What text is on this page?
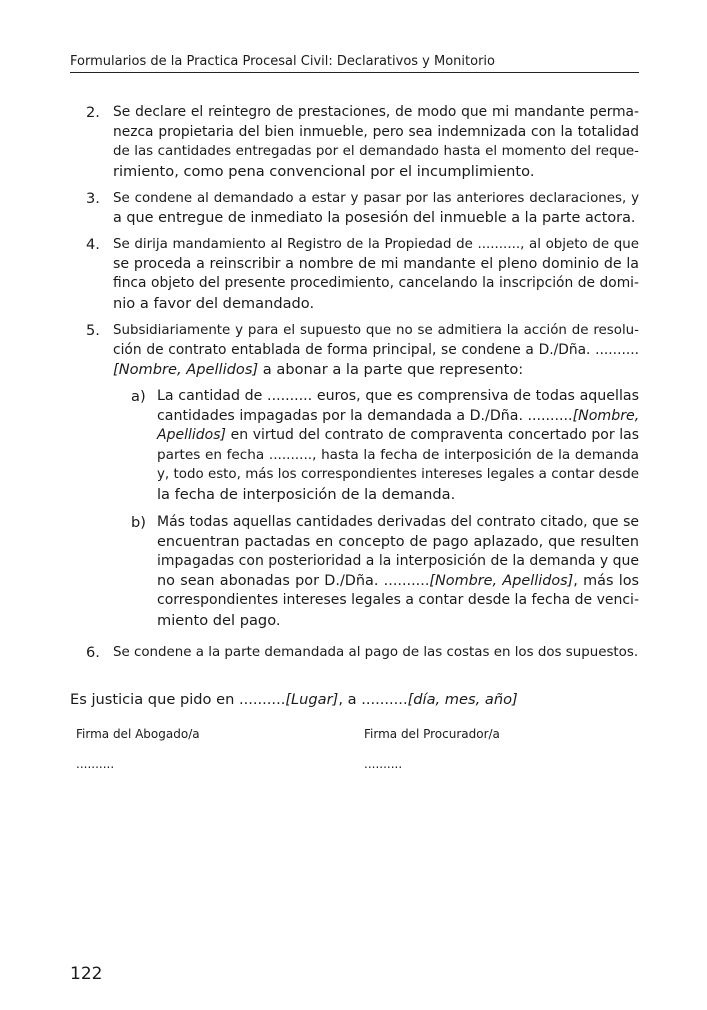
Formularios de la Practica Procesal Civil: Declarativos y Monitorio
2. Se declare el reintegro de prestaciones, de modo que mi mandante perma-
nezca propietaria del bien inmueble, pero sea indemnizada con la totalidad
de las cantidades entregadas por el demandado hasta el momento del reque-
rimiento, como pena convencional por el incumplimiento.
3. Se condene al demandado a estar y pasar por las anteriores declaraciones, y
a que entregue de inmediato la posesión del inmueble a la parte actora.
4. Se dirija mandamiento al Registro de la Propiedad de .........., al objeto de que
se proceda a reinscribir a nombre de mi mandante el pleno dominio de la
finca objeto del presente procedimiento, cancelando la inscripción de domi-
nio a favor del demandado.
5. Subsidiariamente y para el supuesto que no se admitiera la acción de resolu-
ción de contrato entablada de forma principal, se condene a D./Dña. ..........
[Nombre, Apellidos] a abonar a la parte que represento:
a) La cantidad de .......... euros, que es comprensiva de todas aquellas
cantidades impagadas por la demandada a D./Dña. ..........[Nombre,
Apellidos] en virtud del contrato de compraventa concertado por las
partes en fecha .........., hasta la fecha de interposición de la demanda
y, todo esto, más los correspondientes intereses legales a contar desde
la fecha de interposición de la demanda.
b) Más todas aquellas cantidades derivadas del contrato citado, que se
encuentran pactadas en concepto de pago aplazado, que resulten
impagadas con posterioridad a la interposición de la demanda y que
no sean abonadas por D./Dña. ..........[Nombre, Apellidos], más los
correspondientes intereses legales a contar desde la fecha de venci-
miento del pago.
6. Se condene a la parte demandada al pago de las costas en los dos supuestos.
Es justicia que pido en ..........[Lugar], a ..........[día, mes, año]
Firma del Abogado/a
..........
Firma del Procurador/a
..........
122
